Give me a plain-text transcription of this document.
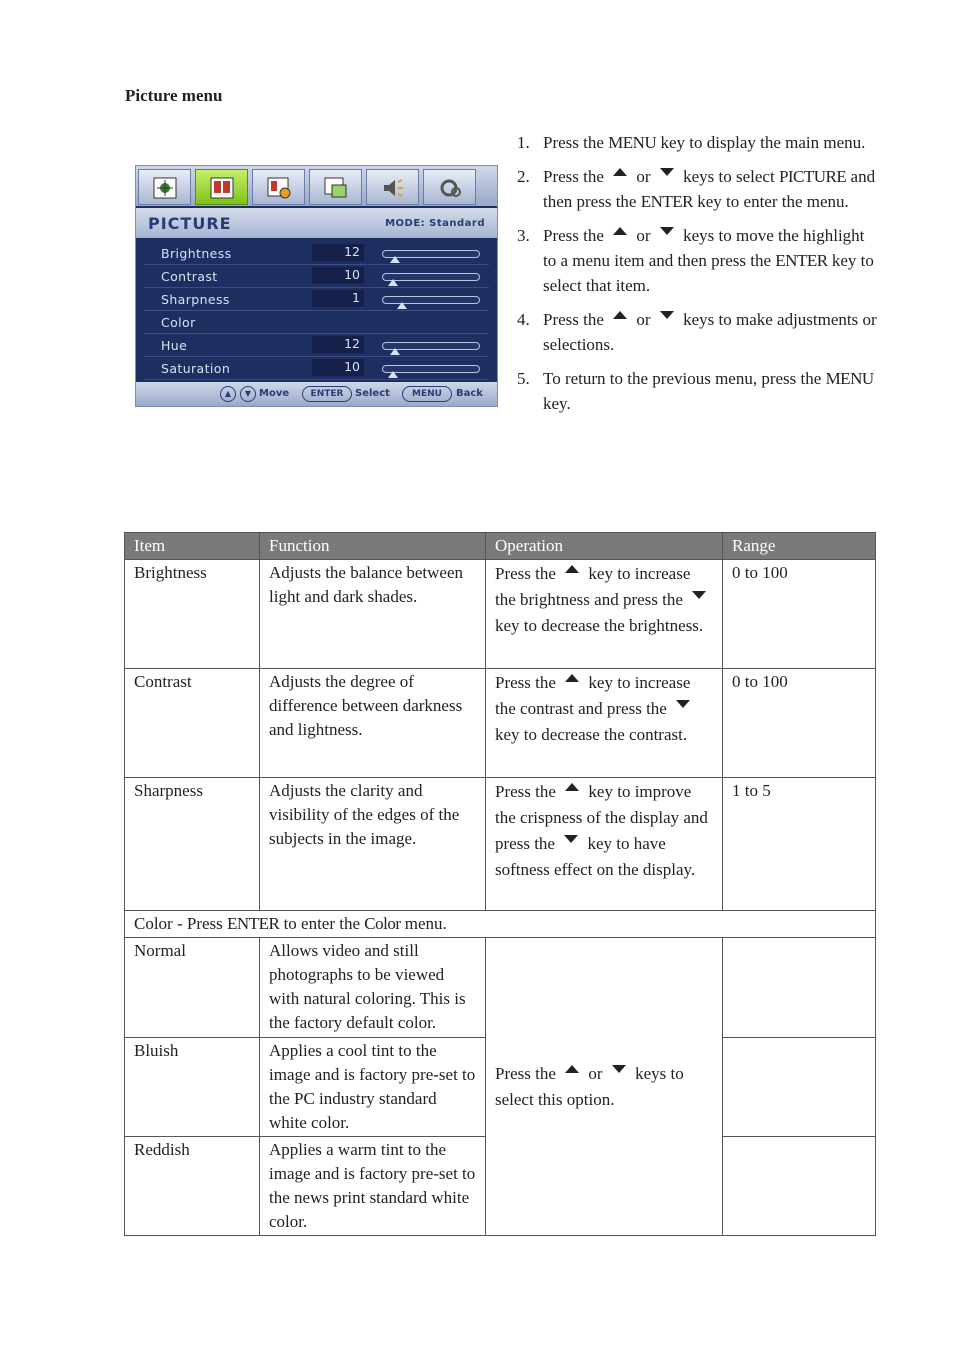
Picture menu
PICTURE	MODE: Standard
Brightness	12
Contrast	10
Sharpness	1
Color
Hue	12
Saturation	10
▲	▼ Move	ENTER	Select	MENU	Back
1. Press the MENU key to display the main menu.
2. Press the  or  keys to select PICTURE and then press the ENTER key to enter the menu.
3. Press the  or  keys to move the highlight to a menu item and then press the ENTER key to select that item.
4. Press the  or  keys to make adjustments or selections.
5. To return to the previous menu, press the MENU key.
Item	Function	Operation	Range
Brightness	Adjusts the balance between light and dark shades.	Press the  key to increase the brightness and press the  key to decrease the brightness.	0 to 100
Contrast	Adjusts the degree of difference between darkness and lightness.	Press the  key to increase the contrast and press the  key to decrease the contrast.	0 to 100
Sharpness	Adjusts the clarity and visibility of the edges of the subjects in the image.	Press the  key to improve the crispness of the display and press the  key to have softness effect on the display.	1 to 5
Color - Press ENTER to enter the Color menu.			
Normal	Allows video and still photographs to be viewed with natural coloring. This is the factory default color.	Press the  or  keys to select this option.	
Bluish	Applies a cool tint to the image and is factory pre-set to the PC industry standard white color.		
Reddish	Applies a warm tint to the image and is factory pre-set to the news print standard white color.		
